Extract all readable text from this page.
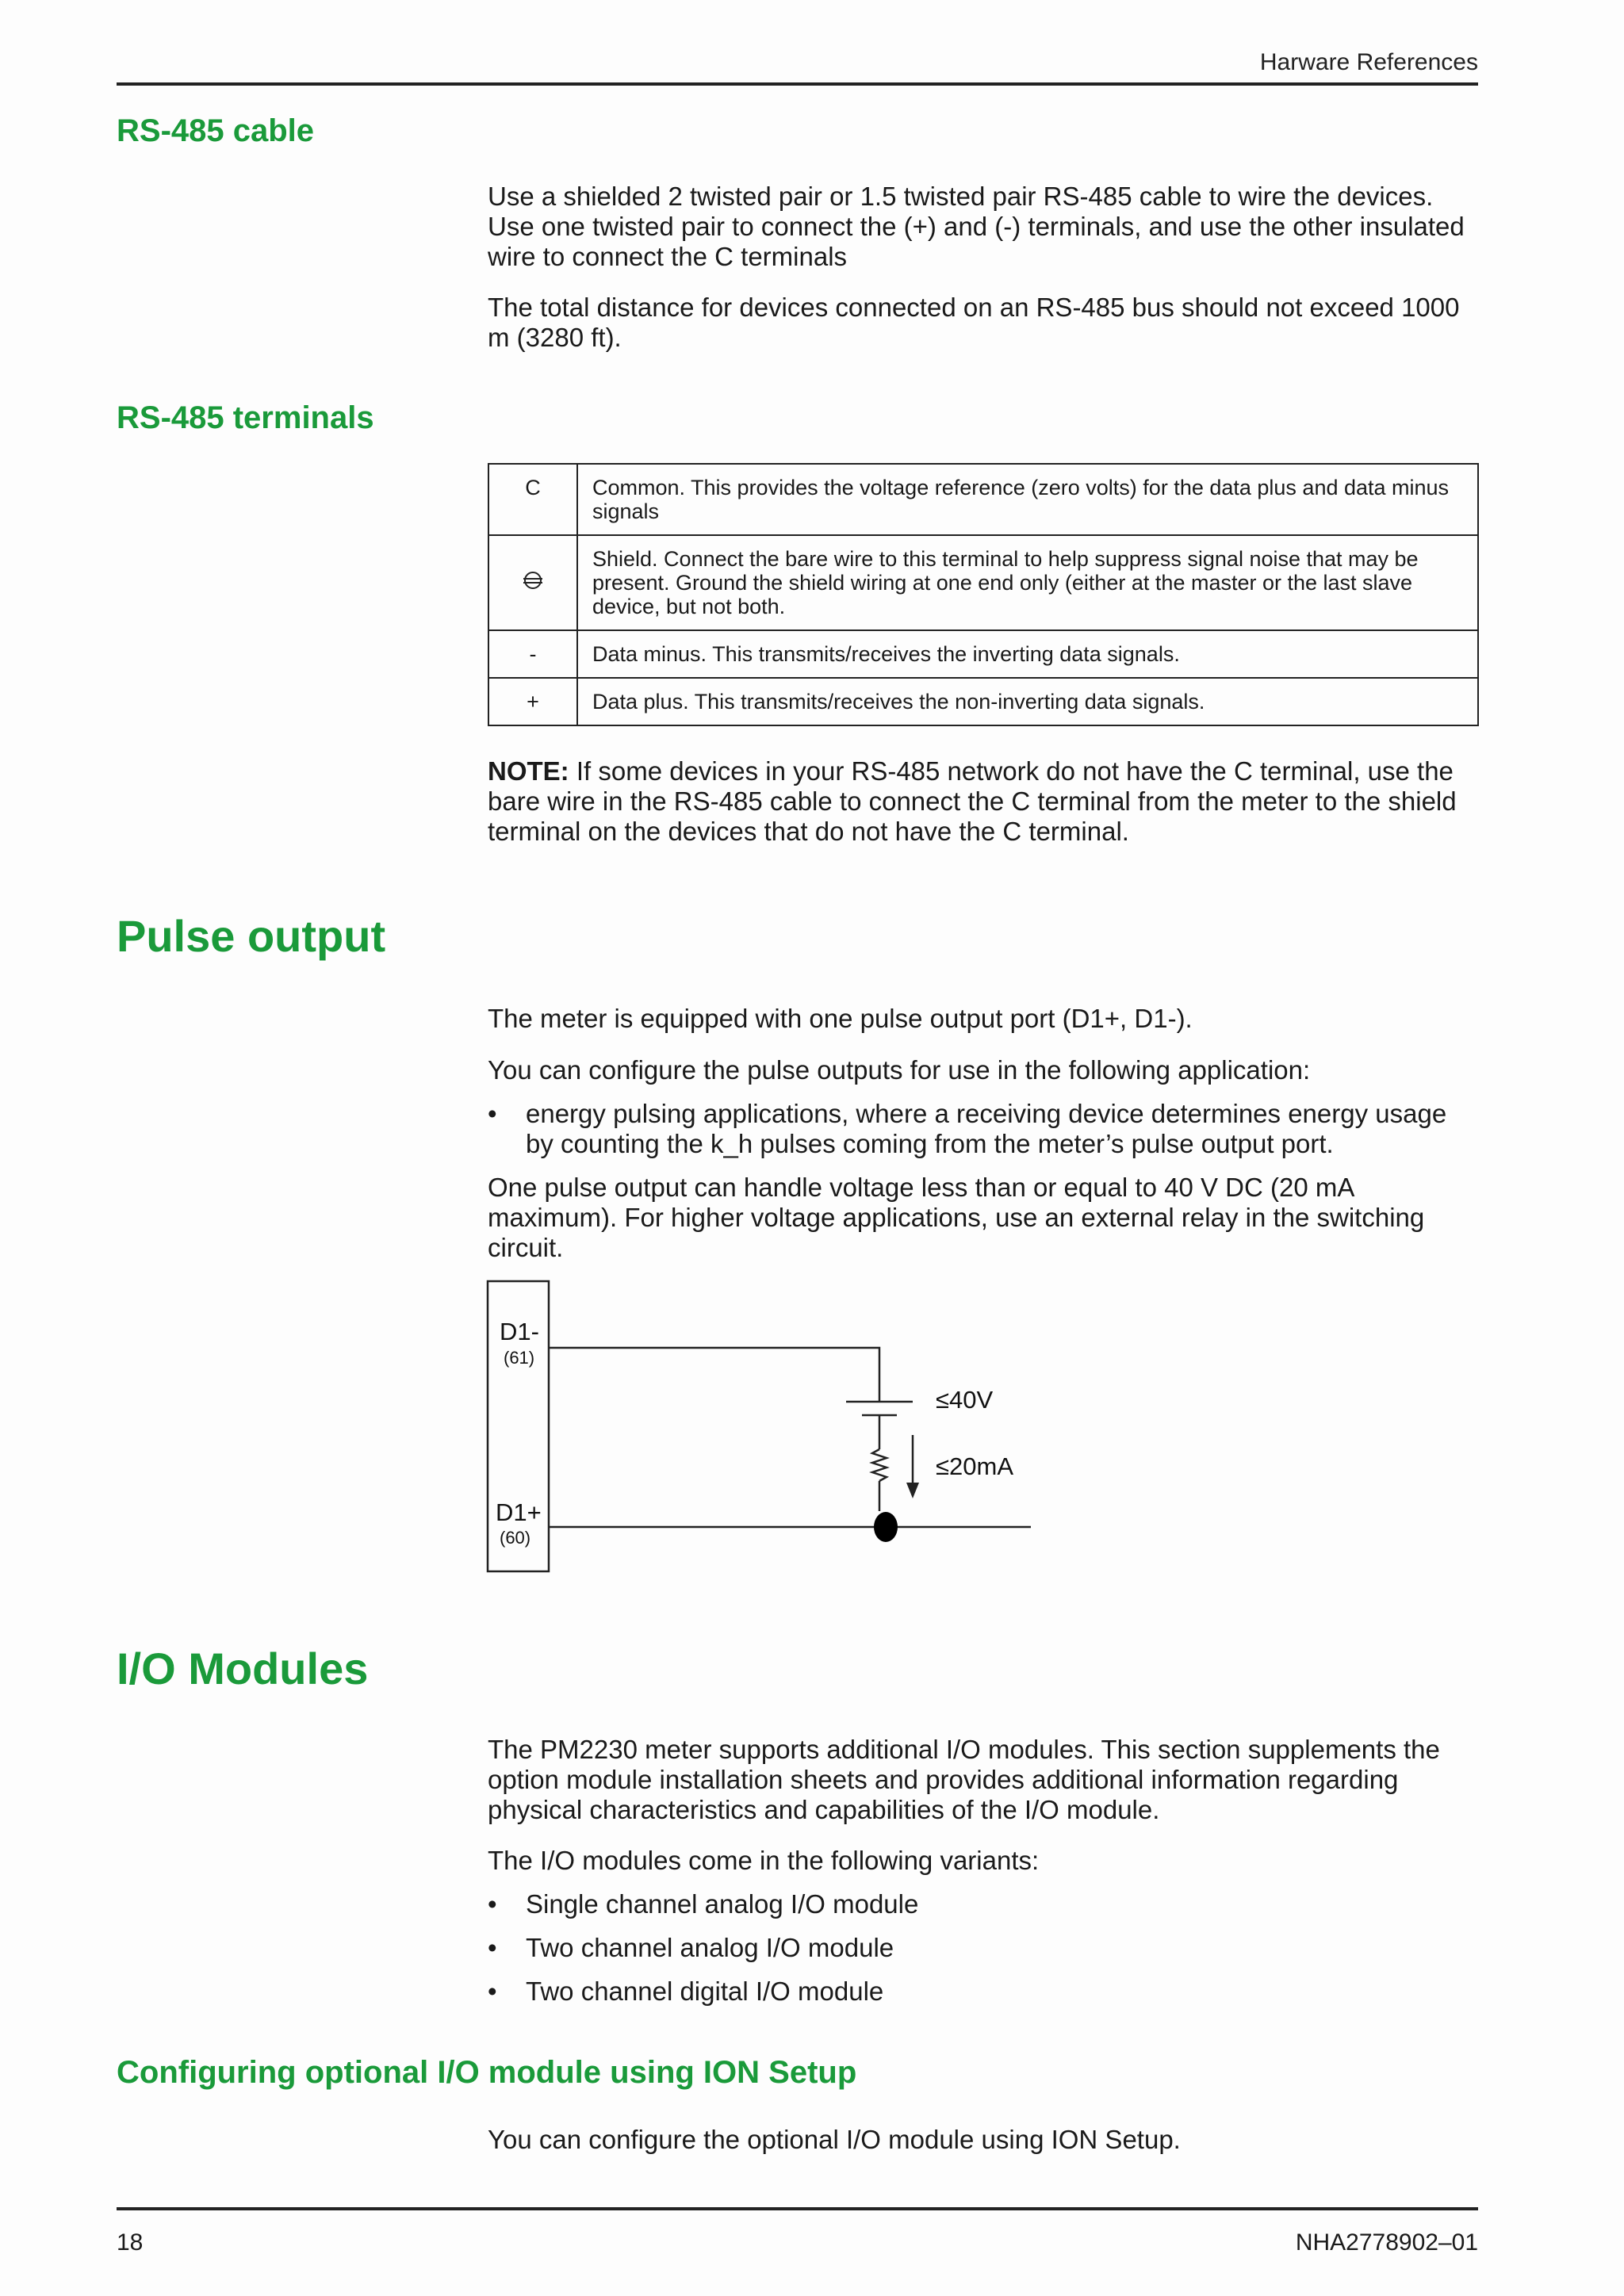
Harware References
RS-485 cable

Use a shielded 2 twisted pair or 1.5 twisted pair RS-485 cable to wire the devices. Use one twisted pair to connect the (+) and (-) terminals, and use the other insulated wire to connect the C terminals

The total distance for devices connected on an RS-485 bus should not exceed 1000 m (3280 ft).

RS-485 terminals
C	Common. This provides the voltage reference (zero volts) for the data plus and data minus signals
	Shield. Connect the bare wire to this terminal to help suppress signal noise that may be present. Ground the shield wiring at one end only (either at the master or the last slave device, but not both.
-	Data minus. This transmits/receives the inverting data signals.
+	Data plus. This transmits/receives the non-inverting data signals.

NOTE: If some devices in your RS-485 network do not have the C terminal, use the bare wire in the RS-485 cable to connect the C terminal from the meter to the shield terminal on the devices that do not have the C terminal.

Pulse output

The meter is equipped with one pulse output port (D1+, D1-).

You can configure the pulse outputs for use in the following application:

• energy pulsing applications, where a receiving device determines energy usage by counting the k_h pulses coming from the meter’s pulse output port.

One pulse output can handle voltage less than or equal to 40 V DC (20 mA maximum). For higher voltage applications, use an external relay in the switching circuit.

D1-
(61)
D1+
(60)
≤40V
≤20mA
I/O Modules

The PM2230 meter supports additional I/O modules. This section supplements the option module installation sheets and provides additional information regarding physical characteristics and capabilities of the I/O module.

The I/O modules come in the following variants:

• Single channel analog I/O module
• Two channel analog I/O module
• Two channel digital I/O module
Configuring optional I/O module using ION Setup

You can configure the optional I/O module using ION Setup.

18	NHA2778902–01
